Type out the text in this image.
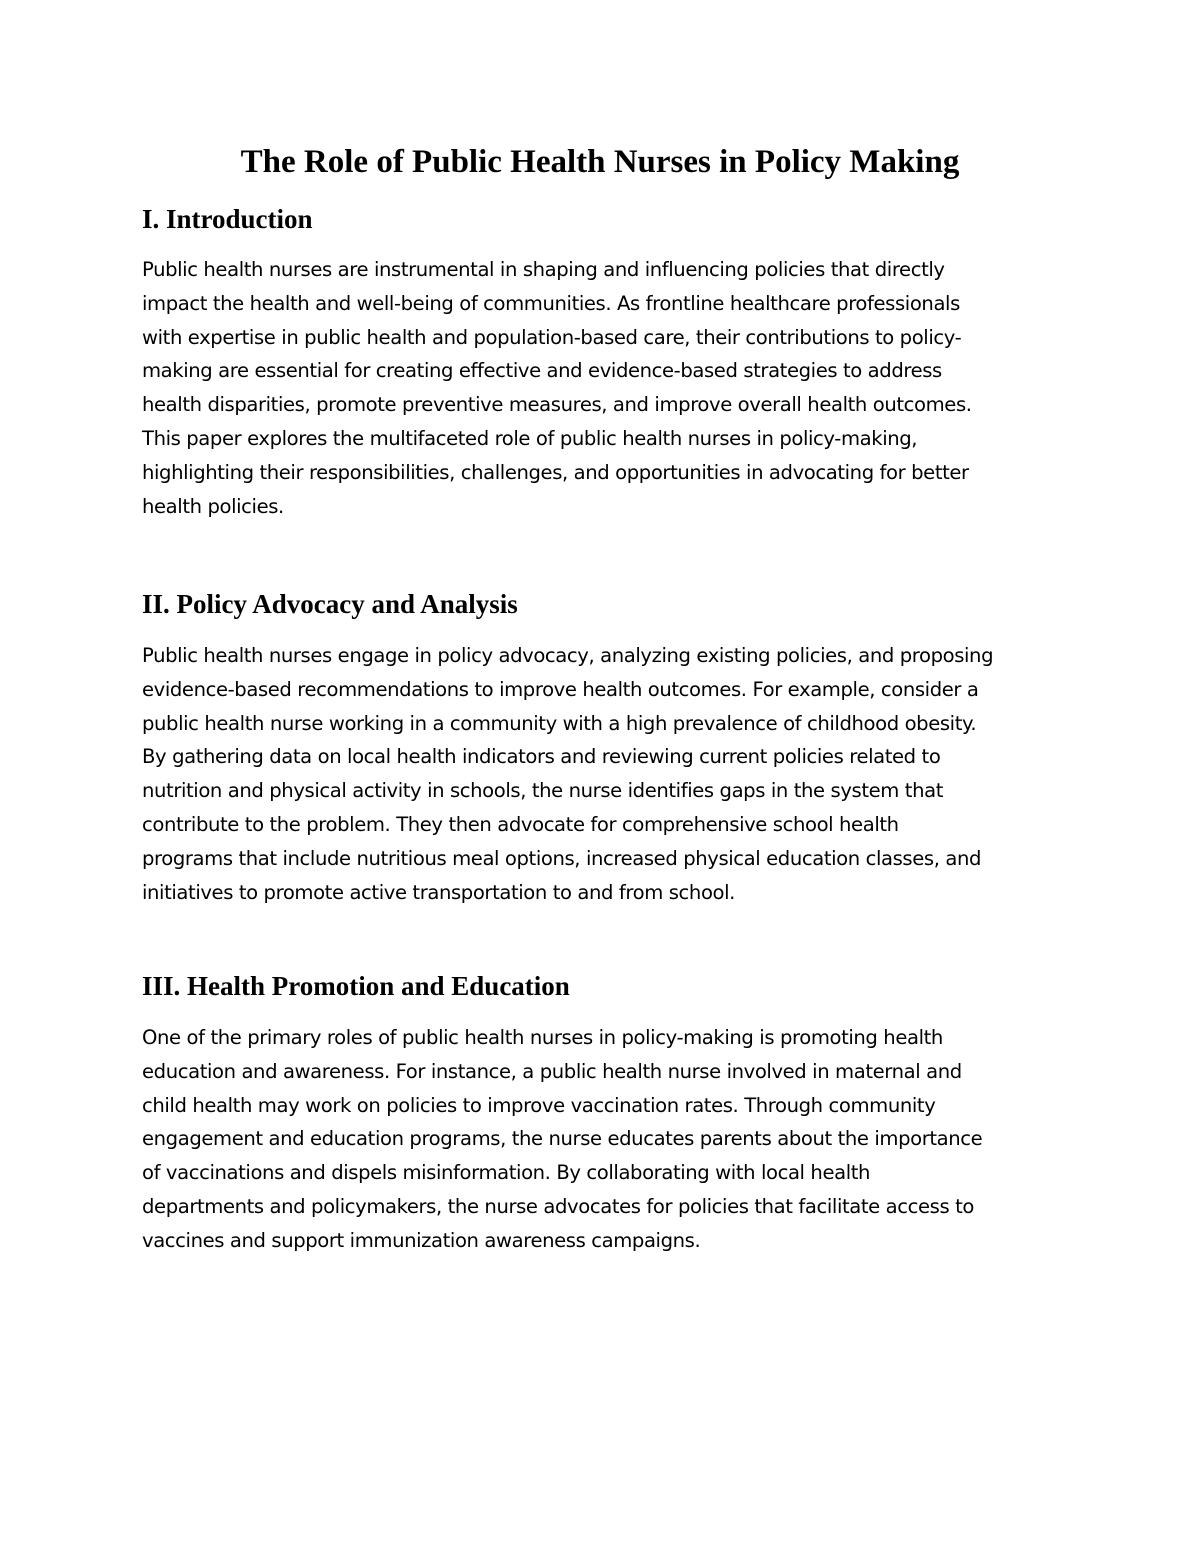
The Role of Public Health Nurses in Policy Making
I. Introduction
Public health nurses are instrumental in shaping and influencing policies that directly
impact the health and well-being of communities. As frontline healthcare professionals
with expertise in public health and population-based care, their contributions to policy-
making are essential for creating effective and evidence-based strategies to address
health disparities, promote preventive measures, and improve overall health outcomes.
This paper explores the multifaceted role of public health nurses in policy-making,
highlighting their responsibilities, challenges, and opportunities in advocating for better
health policies.
II. Policy Advocacy and Analysis
Public health nurses engage in policy advocacy, analyzing existing policies, and proposing
evidence-based recommendations to improve health outcomes. For example, consider a
public health nurse working in a community with a high prevalence of childhood obesity.
By gathering data on local health indicators and reviewing current policies related to
nutrition and physical activity in schools, the nurse identifies gaps in the system that
contribute to the problem. They then advocate for comprehensive school health
programs that include nutritious meal options, increased physical education classes, and
initiatives to promote active transportation to and from school.
III. Health Promotion and Education
One of the primary roles of public health nurses in policy-making is promoting health
education and awareness. For instance, a public health nurse involved in maternal and
child health may work on policies to improve vaccination rates. Through community
engagement and education programs, the nurse educates parents about the importance
of vaccinations and dispels misinformation. By collaborating with local health
departments and policymakers, the nurse advocates for policies that facilitate access to
vaccines and support immunization awareness campaigns.
